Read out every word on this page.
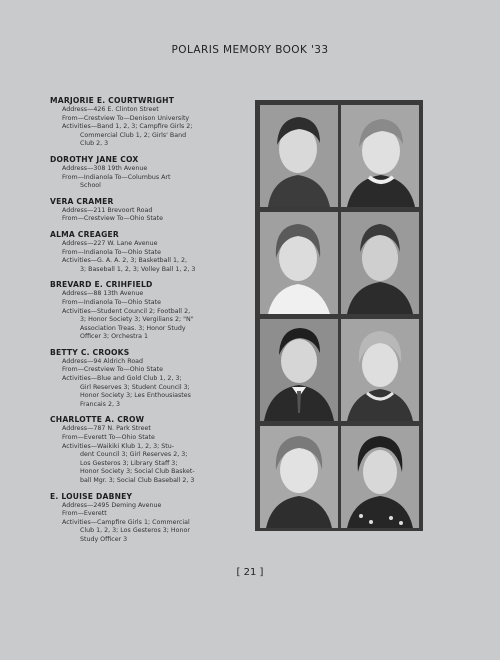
POLARIS MEMORY BOOK '33
MARJORIE E. COURTWRIGHT
Address—426 E. Clinton Street
From—Crestview To—Denison University
Activities—Band 1, 2, 3; Campfire Girls 2;
Commercial Club 1, 2; Girls' Band
Club 2, 3
DOROTHY JANE COX
Address—308 19th Avenue
From—Indianola To—Columbus Art
School
VERA CRAMER
Address—211 Brevoort Road
From—Crestview To—Ohio State
ALMA CREAGER
Address—227 W. Lane Avenue
From—Indianola To—Ohio State
Activities—G. A. A. 2, 3; Basketball 1, 2,
3; Baseball 1, 2, 3; Volley Ball 1, 2, 3
BREVARD E. CRIHFIELD
Address—88 13th Avenue
From—Indianola To—Ohio State
Activities—Student Council 2; Football 2,
3; Honor Society 3; Vergilians 2; "N"
Association Treas. 3; Honor Study
Officer 3; Orchestra 1
BETTY C. CROOKS
Address—94 Aldrich Road
From—Crestview To—Ohio State
Activities—Blue and Gold Club 1, 2, 3;
Girl Reserves 3; Student Council 3;
Honor Society 3; Les Enthousiastes
Francais 2, 3
CHARLOTTE A. CROW
Address—787 N. Park Street
From—Everett To—Ohio State
Activities—Waikiki Klub 1, 2, 3; Stu-
dent Council 3; Girl Reserves 2, 3;
Los Gesteros 3; Library Staff 3;
Honor Society 3; Social Club Basket-
ball Mgr. 3; Social Club Baseball 2, 3
E. LOUISE DABNEY
Address—2495 Deming Avenue
From—Everett
Activities—Campfire Girls 1; Commercial
Club 1, 2, 3; Los Gesteros 3; Honor
Study Officer 3
[ 21 ]
